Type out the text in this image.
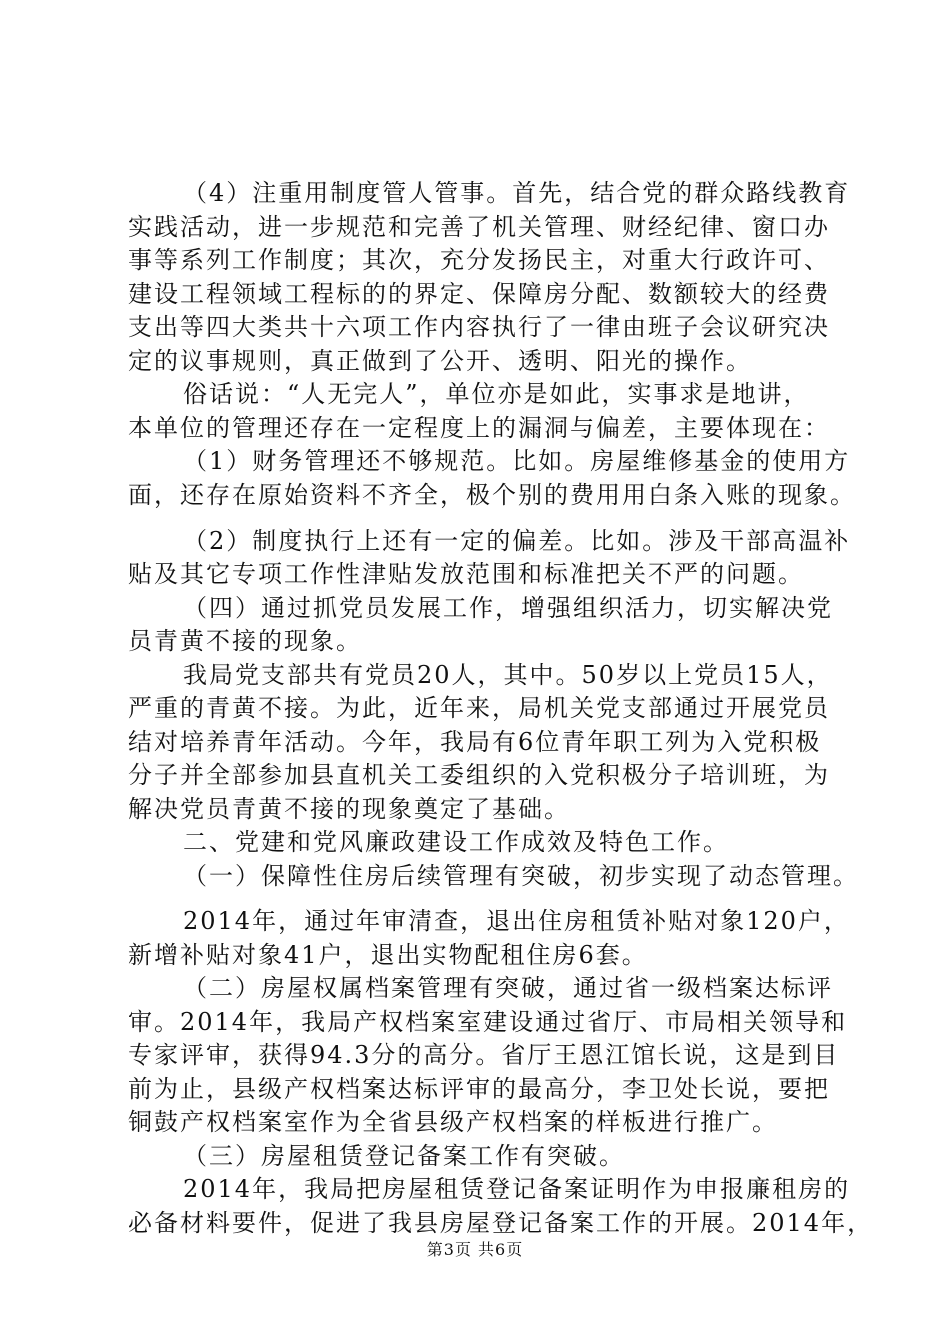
（4）注重用制度管人管事。首先，结合党的群众路线教育
实践活动，进一步规范和完善了机关管理、财经纪律、窗口办
事等系列工作制度；其次，充分发扬民主，对重大行政许可、
建设工程领域工程标的的界定、保障房分配、数额较大的经费
支出等四大类共十六项工作内容执行了一律由班子会议研究决
定的议事规则，真正做到了公开、透明、阳光的操作。
俗话说：“人无完人”，单位亦是如此，实事求是地讲，
本单位的管理还存在一定程度上的漏洞与偏差，主要体现在：
（1）财务管理还不够规范。比如。房屋维修基金的使用方
面，还存在原始资料不齐全，极个别的费用用白条入账的现象。
（2）制度执行上还有一定的偏差。比如。涉及干部高温补
贴及其它专项工作性津贴发放范围和标准把关不严的问题。
（四）通过抓党员发展工作，增强组织活力，切实解决党
员青黄不接的现象。
我局党支部共有党员20人，其中。50岁以上党员15人，
严重的青黄不接。为此，近年来，局机关党支部通过开展党员
结对培养青年活动。今年，我局有6位青年职工列为入党积极
分子并全部参加县直机关工委组织的入党积极分子培训班，为
解决党员青黄不接的现象奠定了基础。
二、党建和党风廉政建设工作成效及特色工作。
（一）保障性住房后续管理有突破，初步实现了动态管理。
2014年，通过年审清查，退出住房租赁补贴对象120户，
新增补贴对象41户，退出实物配租住房6套。
（二）房屋权属档案管理有突破，通过省一级档案达标评
审。2014年，我局产权档案室建设通过省厅、市局相关领导和
专家评审，获得94.3分的高分。省厅王恩江馆长说，这是到目
前为止，县级产权档案达标评审的最高分，李卫处长说，要把
铜鼓产权档案室作为全省县级产权档案的样板进行推广。
（三）房屋租赁登记备案工作有突破。
2014年，我局把房屋租赁登记备案证明作为申报廉租房的
必备材料要件，促进了我县房屋登记备案工作的开展。2014年，
第3页 共6页
